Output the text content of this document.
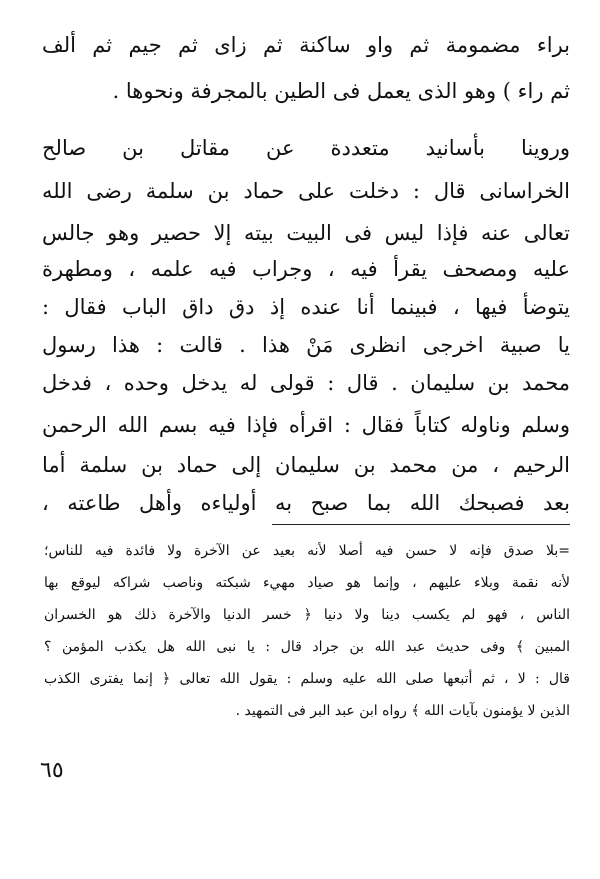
براء مضمومة ثم واو ساكنة ثم زاى ثم جيم ثم ألف
ثم راء ) وهو الذى يعمل فى الطين بالمجرفة ونحوها .
وروينا بأسانيد متعددة عن مقاتل بن صالح
الخراسانى قال : دخلت على حماد بن سلمة رضى الله
تعالى عنه فإذا ليس فى البيت بيته إلا حصير وهو جالس
عليه ومصحف يقرأ فيه ، وجراب فيه علمه ، ومطهرة
يتوضأ فيها ، فبينما أنا عنده إذ دق داق الباب فقال :
يا صبية اخرجى انظرى مَنْ هذا . قالت : هذا رسول
محمد بن سليمان . قال : قولى له يدخل وحده ، فدخل
وسلم وناوله كتاباً فقال : اقرأه فإذا فيه بسم الله الرحمن
الرحيم ، من محمد بن سليمان إلى حماد بن سلمة أما
بعد فصبحك الله بما صبح به أولياءه وأهل طاعته ،
=بلا صدق فإنه لا حسن فيه أصلا لأنه بعيد عن الآخرة ولا فائدة فيه للناس؛
لأنه نقمة وبلاء عليهم ، وإنما هو صياد مهيء شبكته وناصب شراكه ليوقع بها
الناس ، فهو لم يكسب دينا ولا دنيا ﴿ خسر الدنيا والآخرة ذلك هو الخسران
المبين ﴾ وفى حديث عبد الله بن جراد قال : يا نبى الله هل يكذب المؤمن ؟
قال : لا ، ثم أتبعها صلى الله عليه وسلم : يقول الله تعالى ﴿ إنما يفترى الكذب
الذين لا يؤمنون بآيات الله ﴾ رواه ابن عبد البر فى التمهيد .
٦٥
